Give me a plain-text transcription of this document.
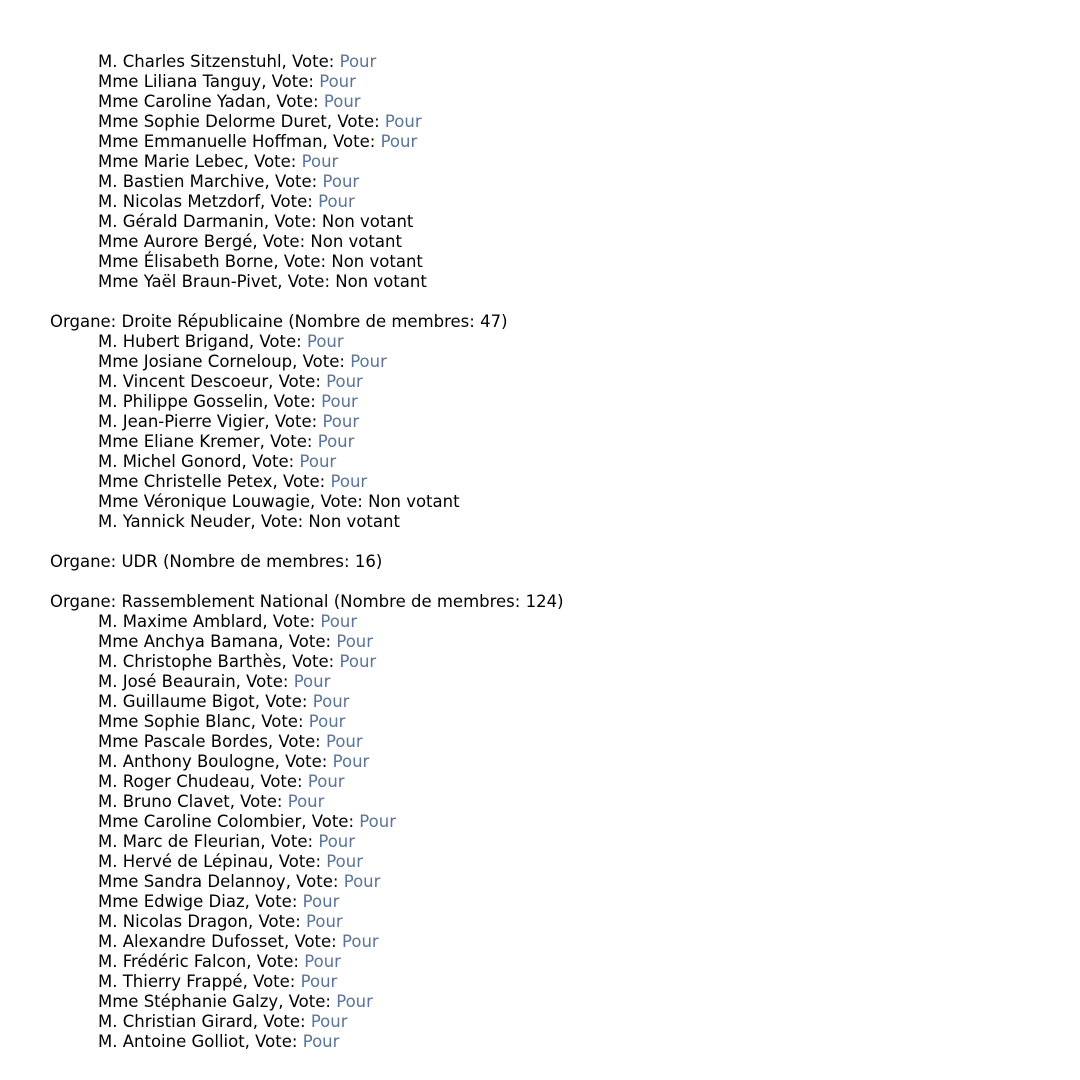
M. Charles Sitzenstuhl, Vote: Pour
Mme Liliana Tanguy, Vote: Pour
Mme Caroline Yadan, Vote: Pour
Mme Sophie Delorme Duret, Vote: Pour
Mme Emmanuelle Hoffman, Vote: Pour
Mme Marie Lebec, Vote: Pour
M. Bastien Marchive, Vote: Pour
M. Nicolas Metzdorf, Vote: Pour
M. Gérald Darmanin, Vote: Non votant
Mme Aurore Bergé, Vote: Non votant
Mme Élisabeth Borne, Vote: Non votant
Mme Yaël Braun-Pivet, Vote: Non votant
Organe: Droite Républicaine (Nombre de membres: 47)
M. Hubert Brigand, Vote: Pour
Mme Josiane Corneloup, Vote: Pour
M. Vincent Descoeur, Vote: Pour
M. Philippe Gosselin, Vote: Pour
M. Jean-Pierre Vigier, Vote: Pour
Mme Eliane Kremer, Vote: Pour
M. Michel Gonord, Vote: Pour
Mme Christelle Petex, Vote: Pour
Mme Véronique Louwagie, Vote: Non votant
M. Yannick Neuder, Vote: Non votant
Organe: UDR (Nombre de membres: 16)
Organe: Rassemblement National (Nombre de membres: 124)
M. Maxime Amblard, Vote: Pour
Mme Anchya Bamana, Vote: Pour
M. Christophe Barthès, Vote: Pour
M. José Beaurain, Vote: Pour
M. Guillaume Bigot, Vote: Pour
Mme Sophie Blanc, Vote: Pour
Mme Pascale Bordes, Vote: Pour
M. Anthony Boulogne, Vote: Pour
M. Roger Chudeau, Vote: Pour
M. Bruno Clavet, Vote: Pour
Mme Caroline Colombier, Vote: Pour
M. Marc de Fleurian, Vote: Pour
M. Hervé de Lépinau, Vote: Pour
Mme Sandra Delannoy, Vote: Pour
Mme Edwige Diaz, Vote: Pour
M. Nicolas Dragon, Vote: Pour
M. Alexandre Dufosset, Vote: Pour
M. Frédéric Falcon, Vote: Pour
M. Thierry Frappé, Vote: Pour
Mme Stéphanie Galzy, Vote: Pour
M. Christian Girard, Vote: Pour
M. Antoine Golliot, Vote: Pour
